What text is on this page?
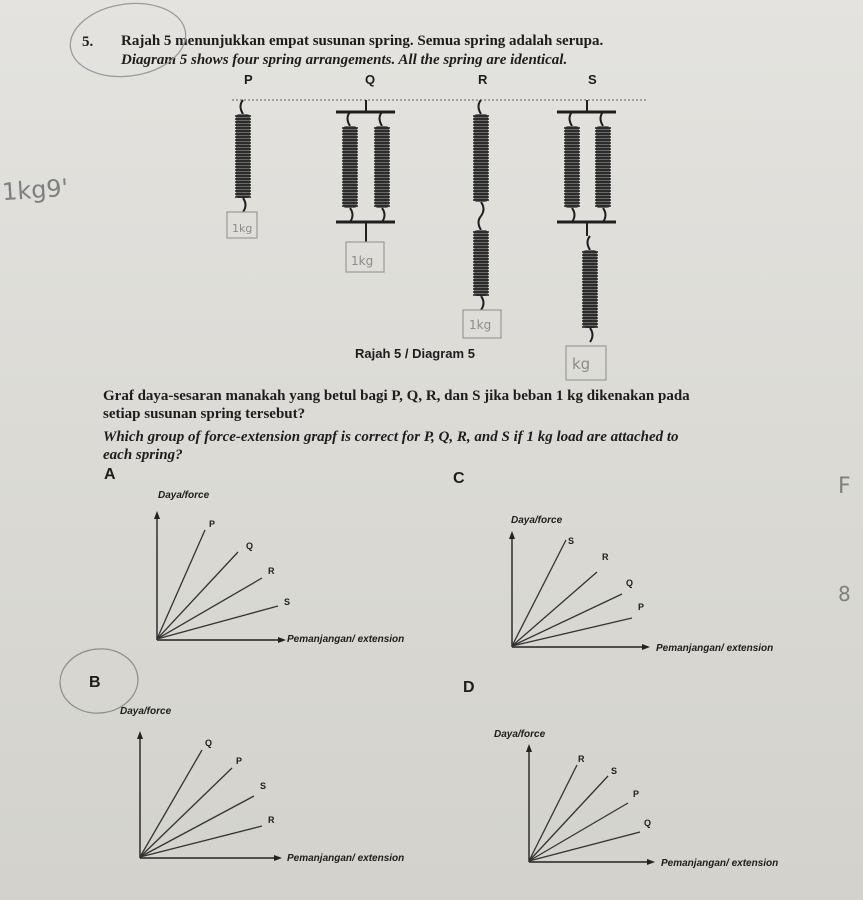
5. Rajah 5 menunjukkan empat susunan spring. Semua spring adalah serupa.
Diagram 5 shows four spring arrangements. All the spring are identical.
1kg9'
P	Q	R	S
1kg
1kg
1kg
kg
Rajah 5 / Diagram 5
Graf daya-sesaran manakah yang betul bagi P, Q, R, dan S jika beban 1 kg dikenakan pada
setiap susunan spring tersebut?
Which group of force-extension grapf is correct for P, Q, R, and S if 1 kg load are attached to
each spring?
F
8
A
Daya/force
Pemanjangan/ extension
P
Q
R
S
C
Daya/force
Pemanjangan/ extension
S
R
Q
P
B
Daya/force
Pemanjangan/ extension
Q
P
S
R
D
Daya/force
Pemanjangan/ extension
R
S
P
Q
